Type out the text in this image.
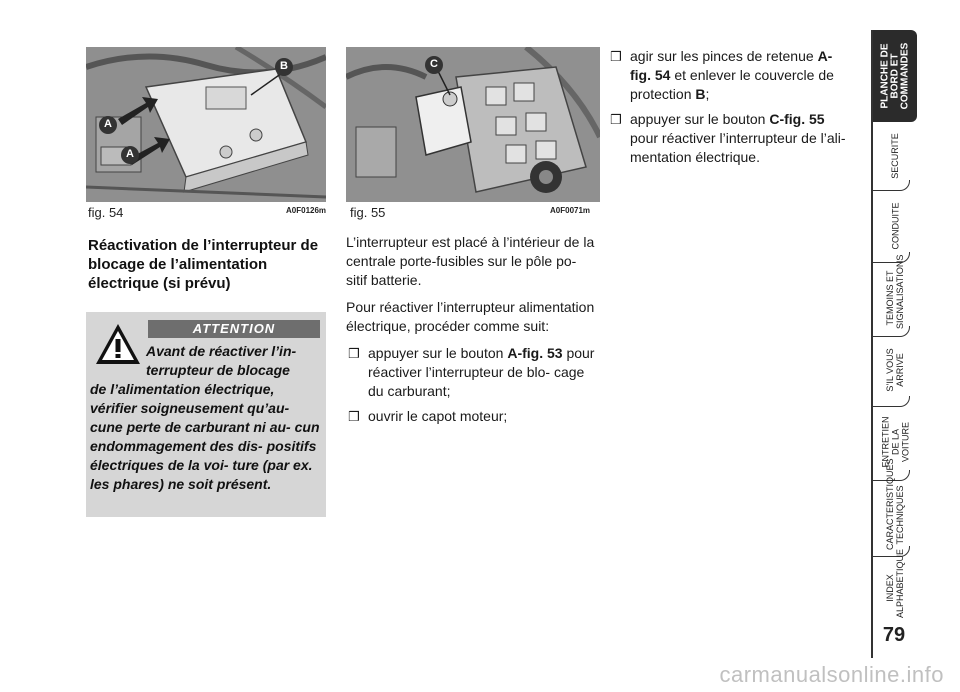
A
A
B
fig. 54	A0F0126m
C
fig. 55	A0F0071m
Réactivation de l’interrupteur de blocage de l’alimentation électrique (si prévu)
ATTENTION
Avant de réactiver l’in- terrupteur de blocage
de l’alimentation électrique, vérifier soigneusement qu’au- cune perte de carburant ni au- cun endommagement des dis- positifs électriques de la voi- ture (par ex. les phares) ne soit présent.

L’interrupteur est placé à l’intérieur de la centrale porte-fusibles sur le pôle po- sitif batterie.

Pour réactiver l’interrupteur alimentation électrique, procéder comme suit:

❒ appuyer sur le bouton A-fig. 53 pour réactiver l’interrupteur de blo- cage du carburant;
❒ ouvrir le capot moteur;
❒ agir sur les pinces de retenue A- fig. 54 et enlever le couvercle de protection B;
❒ appuyer sur le bouton C-fig. 55 pour réactiver l’interrupteur de l’ali- mentation électrique.
PLANCHE DE BORD ET COMMANDES
SECURITE
CONDUITE
TEMOINS ET SIGNALISATIONS
S’IL VOUS ARRIVE
ENTRETIEN DE LA VOITURE
CARACTERISTIQUES TECHNIQUES
INDEX ALPHABETIQUE
79
carmanualsonline.info
